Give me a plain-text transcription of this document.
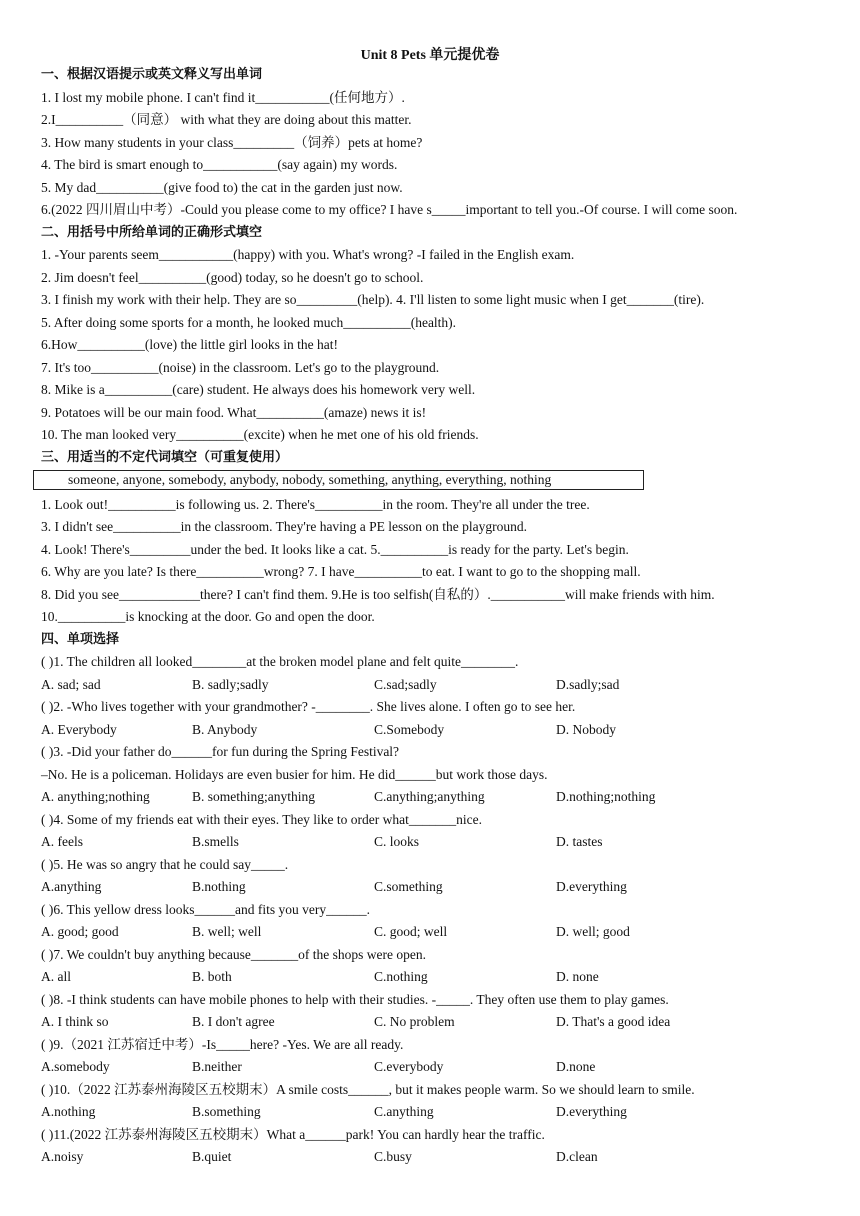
Unit 8 Pets 单元提优卷
一、根据汉语提示或英文释义写出单词
1. I lost my mobile phone. I can't find it___________(任何地方）.
2.I__________（同意） with what they are doing about this matter.
3. How many students in your class_________（饲养）pets at home?
4. The bird is smart enough to___________(say again) my words.
5. My dad__________(give food to) the cat in the garden just now.
6.(2022 四川眉山中考）-Could you please come to my office? I have s_____important to tell you.-Of course. I will come soon.
二、用括号中所给单词的正确形式填空
1. -Your parents seem___________(happy) with you. What's wrong? -I failed in the English exam.
2. Jim doesn't feel__________(good) today, so he doesn't go to school.
3. I finish my work with their help. They are so_________(help). 4. I'll listen to some light music when I get_______(tire).
5. After doing some sports for a month, he looked much__________(health).
6.How__________(love) the little girl looks in the hat!
7. It's too__________(noise) in the classroom. Let's go to the playground.
8. Mike is a__________(care) student. He always does his homework very well.
9. Potatoes will be our main food. What__________(amaze) news it is!
10. The man looked very__________(excite) when he met one of his old friends.
三、用适当的不定代词填空（可重复使用）
someone, anyone, somebody, anybody, nobody, something, anything, everything, nothing
1. Look out!__________is following us. 2. There's__________in the room. They're all under the tree.
3. I didn't see__________in the classroom. They're having a PE lesson on the playground.
4. Look! There's_________under the bed. It looks like a cat. 5.__________is ready for the party. Let's begin.
6. Why are you late? Is there__________wrong? 7. I have__________to eat. I want to go to the shopping mall.
8. Did you see____________there? I can't find them. 9.He is too selfish(自私的）.___________will make friends with him.
10.__________is knocking at the door. Go and open the door.
四、单项选择
( )1. The children all looked________at the broken model plane and felt quite________.
A. sad; sad	B. sadly;sadly	C.sad;sadly	D.sadly;sad
( )2. -Who lives together with your grandmother? -________. She lives alone. I often go to see her.
A. Everybody	B. Anybody	C.Somebody	D. Nobody
( )3. -Did your father do______for fun during the Spring Festival?
–No. He is a policeman. Holidays are even busier for him. He did______but work those days.
A. anything;nothing	B. something;anything	C.anything;anything	D.nothing;nothing
( )4. Some of my friends eat with their eyes. They like to order what_______nice.
A. feels	B.smells	C. looks	D. tastes
( )5. He was so angry that he could say_____.
A.anything	B.nothing	C.something	D.everything
( )6. This yellow dress looks______and fits you very______.
A. good; good	B. well; well	C. good; well	D. well; good
( )7. We couldn't buy anything because_______of the shops were open.
A. all	B. both	C.nothing	D. none
( )8. -I think students can have mobile phones to help with their studies. -_____. They often use them to play games.
A. I think so	B. I don't agree	C. No problem	D. That's a good idea
( )9.（2021 江苏宿迁中考）-Is_____here? -Yes. We are all ready.
A.somebody	B.neither	C.everybody	D.none
( )10.（2022 江苏泰州海陵区五校期末）A smile costs______, but it makes people warm. So we should learn to smile.
A.nothing	B.something	C.anything	D.everything
( )11.(2022 江苏泰州海陵区五校期末）What a______park! You can hardly hear the traffic.
A.noisy	B.quiet	C.busy	D.clean
